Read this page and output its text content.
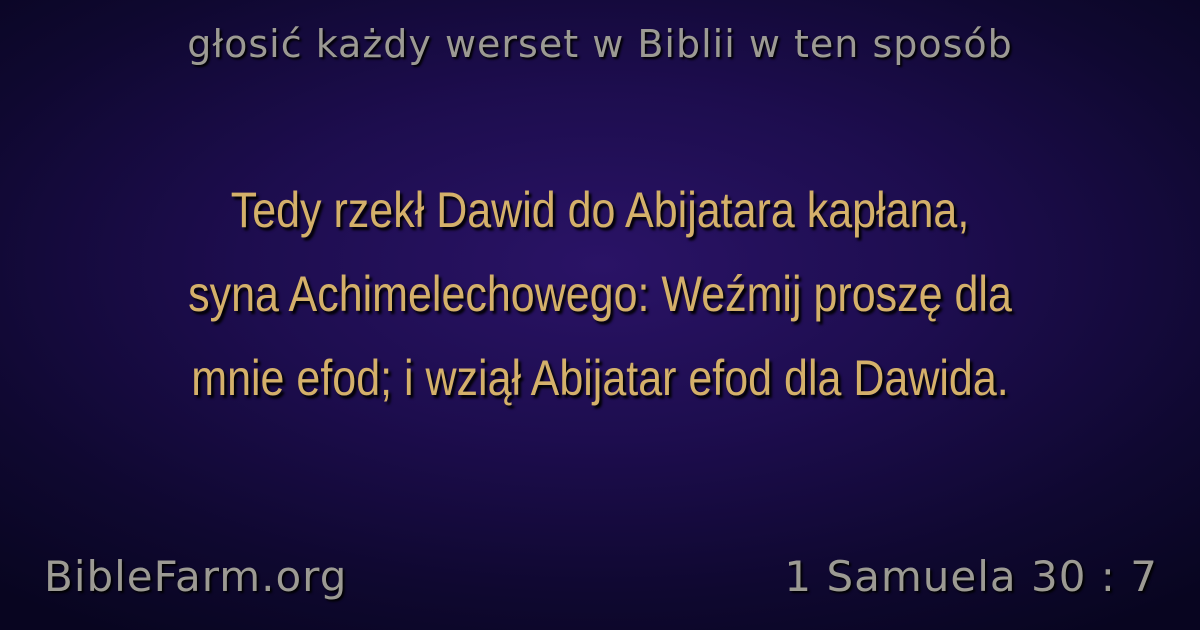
głosić każdy werset w Biblii w ten sposób
Tedy rzekł Dawid do Abijatara kapłana,
syna Achimelechowego: Weźmij proszę dla
mnie efod; i wziął Abijatar efod dla Dawida.
BibleFarm.org	1 Samuela 30 : 7
